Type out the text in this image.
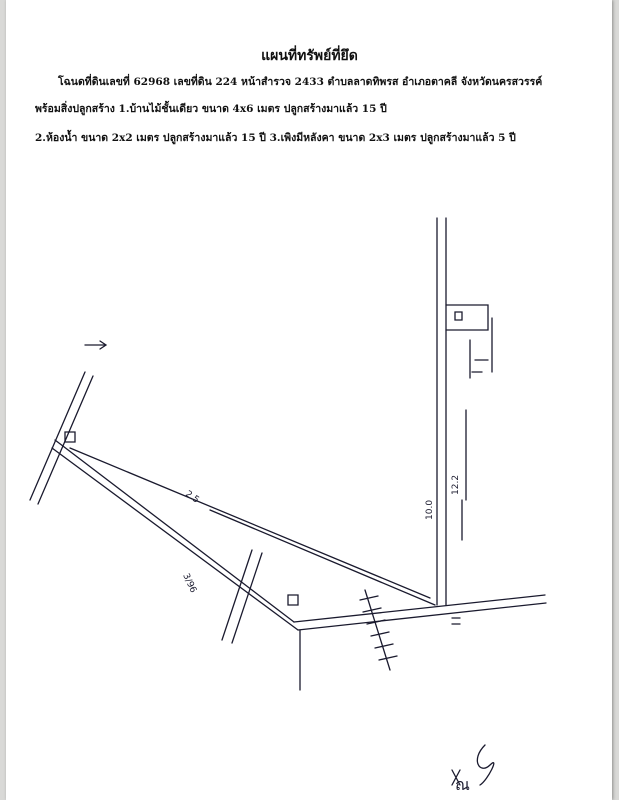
แผนที่ทรัพย์ที่ยึด
โฉนดที่ดินเลขที่ 62968 เลขที่ดิน 224 หน้าสำรวจ 2433 ตำบลลาดทิพรส อำเภอตาคลี จังหวัดนครสวรรค์
พร้อมสิ่งปลูกสร้าง 1.บ้านไม้ชั้นเดียว ขนาด 4x6 เมตร ปลูกสร้างมาแล้ว 15 ปี
2.ห้องน้ำ ขนาด 2x2 เมตร ปลูกสร้างมาแล้ว 15 ปี 3.เพิงมีหลังคา ขนาด 2x3 เมตร ปลูกสร้างมาแล้ว 5 ปี
12.2
10.0
2.5
3/96
ณ
